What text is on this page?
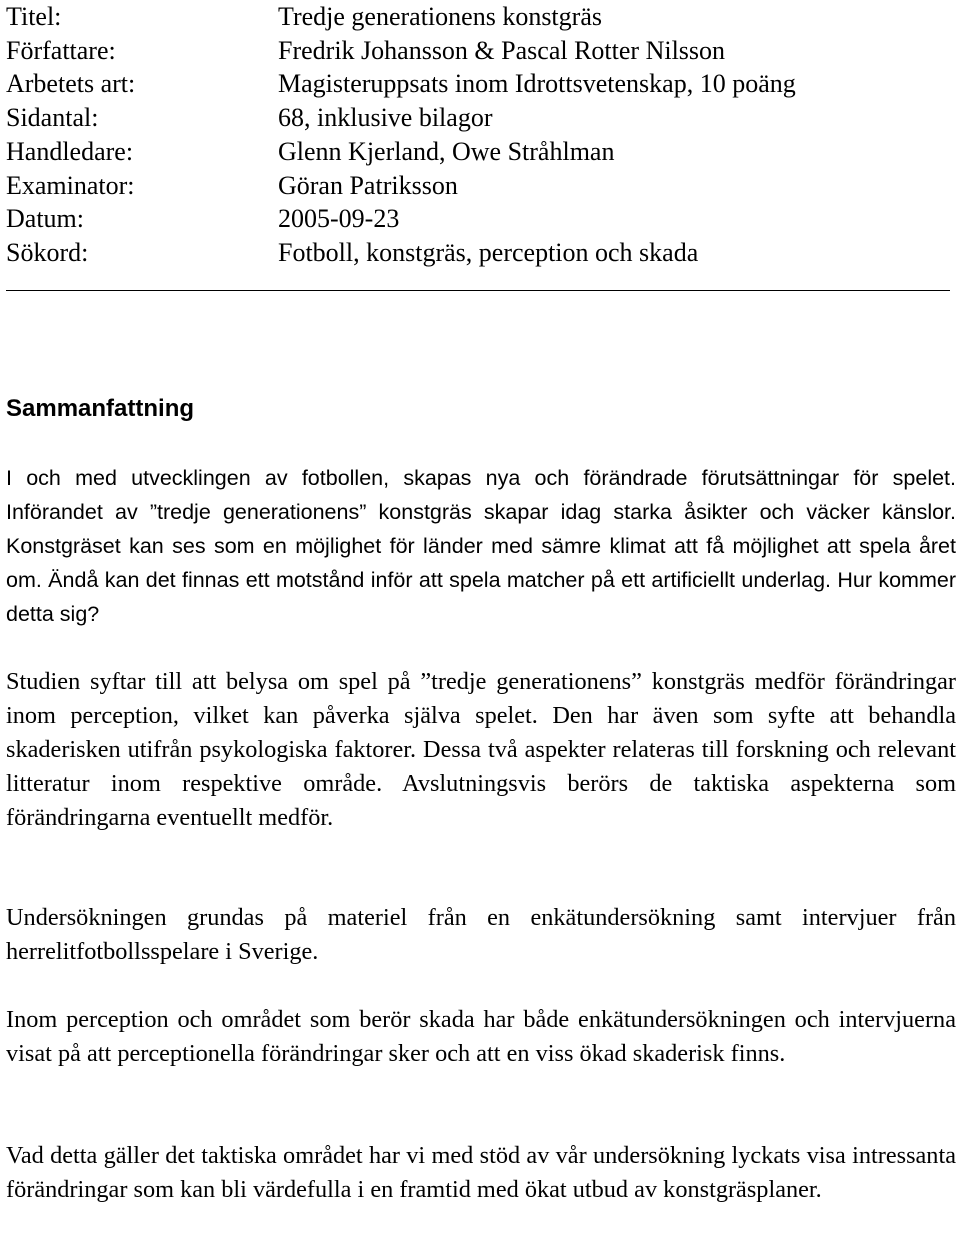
Titel:	Tredje generationens konstgräs
Författare:	Fredrik Johansson & Pascal Rotter Nilsson
Arbetets art:	Magisteruppsats inom Idrottsvetenskap, 10 poäng
Sidantal:	68, inklusive bilagor
Handledare:	Glenn Kjerland, Owe Stråhlman
Examinator:	Göran Patriksson
Datum:	2005-09-23
Sökord:	Fotboll, konstgräs, perception och skada
Sammanfattning

I och med utvecklingen av fotbollen, skapas nya och förändrade förutsättningar för spelet. Införandet av ”tredje generationens” konstgräs skapar idag starka åsikter och väcker känslor. Konstgräset kan ses som en möjlighet för länder med sämre klimat att få möjlighet att spela året om. Ändå kan det finnas ett motstånd inför att spela matcher på ett artificiellt underlag. Hur kommer detta sig?

Studien syftar till att belysa om spel på ”tredje generationens” konstgräs medför förändringar inom perception, vilket kan påverka själva spelet. Den har även som syfte att behandla skaderisken utifrån psykologiska faktorer. Dessa två aspekter relateras till forskning och relevant litteratur inom respektive område. Avslutningsvis berörs de taktiska aspekterna som förändringarna eventuellt medför.

Undersökningen grundas på materiel från en enkätundersökning samt intervjuer från herrelitfotbollsspelare i Sverige.

Inom perception och området som berör skada har både enkätundersökningen och intervjuerna visat på att perceptionella förändringar sker och att en viss ökad skaderisk finns.

Vad detta gäller det taktiska området har vi med stöd av vår undersökning lyckats visa intressanta förändringar som kan bli värdefulla i en framtid med ökat utbud av konstgräsplaner.
